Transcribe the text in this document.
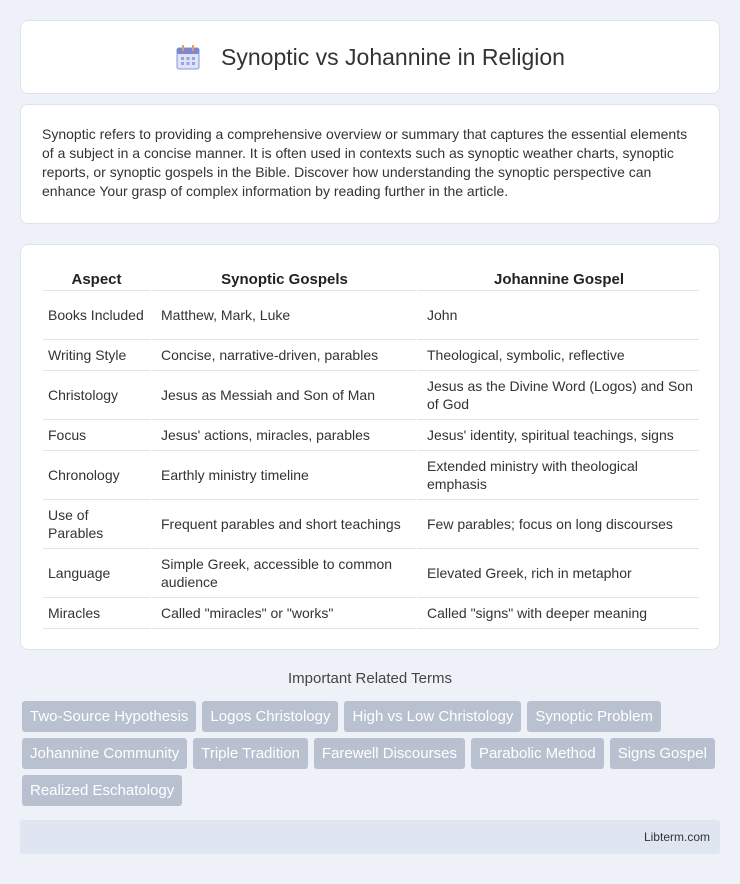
Synoptic vs Johannine in Religion

Synoptic refers to providing a comprehensive overview or summary that captures the essential elements of a subject in a concise manner. It is often used in contexts such as synoptic weather charts, synoptic reports, or synoptic gospels in the Bible. Discover how understanding the synoptic perspective can enhance Your grasp of complex information by reading further in the article.

Aspect	Synoptic Gospels	Johannine Gospel
Books Included	Matthew, Mark, Luke	John
Writing Style	Concise, narrative-driven, parables	Theological, symbolic, reflective
Christology	Jesus as Messiah and Son of Man	Jesus as the Divine Word (Logos) and Son of God
Focus	Jesus' actions, miracles, parables	Jesus' identity, spiritual teachings, signs
Chronology	Earthly ministry timeline	Extended ministry with theological emphasis
Use of Parables	Frequent parables and short teachings	Few parables; focus on long discourses
Language	Simple Greek, accessible to common audience	Elevated Greek, rich in metaphor
Miracles	Called "miracles" or "works"	Called "signs" with deeper meaning
Important Related Terms
Two-Source Hypothesis	Logos Christology	High vs Low Christology	Synoptic Problem
Johannine Community	Triple Tradition	Farewell Discourses	Parabolic Method	Signs Gospel
Realized Eschatology
Libterm.com
